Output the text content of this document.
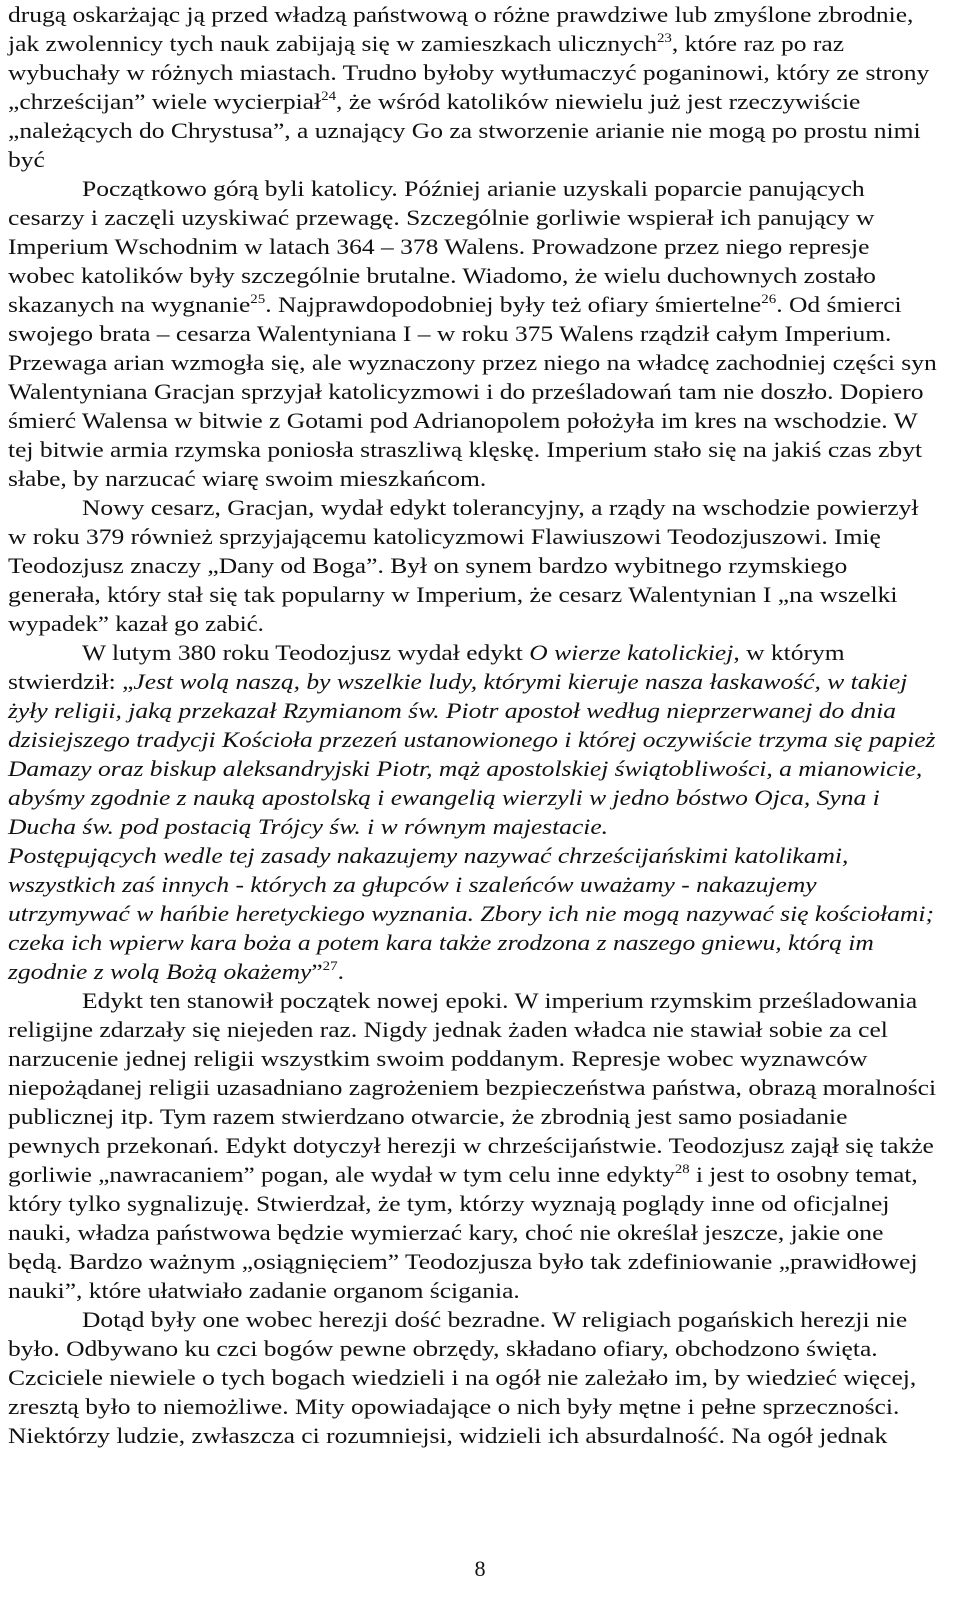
drugą oskarżając ją przed władzą państwową o różne prawdziwe lub zmyślone zbrodnie,
jak zwolennicy tych nauk zabijają się w zamieszkach ulicznych$^{23}$, które raz po raz
wybuchały w różnych miastach. Trudno byłoby wytłumaczyć poganinowi, który ze strony
„chrześcijan” wiele wycierpiał$^{24}$, że wśród katolików niewielu już jest rzeczywiście
„należących do Chrystusa”, a uznający Go za stworzenie arianie nie mogą po prostu nimi
być
Początkowo górą byli katolicy. Później arianie uzyskali poparcie panujących
cesarzy i zaczęli uzyskiwać przewagę. Szczególnie gorliwie wspierał ich panujący w
Imperium Wschodnim w latach 364 – 378 Walens. Prowadzone przez niego represje
wobec katolików były szczególnie brutalne. Wiadomo, że wielu duchownych zostało
skazanych na wygnanie$^{25}$. Najprawdopodobniej były też ofiary śmiertelne$^{26}$. Od śmierci
swojego brata – cesarza Walentyniana I – w roku 375 Walens rządził całym Imperium.
Przewaga arian wzmogła się, ale wyznaczony przez niego na władcę zachodniej części syn
Walentyniana Gracjan sprzyjał katolicyzmowi i do prześladowań tam nie doszło. Dopiero
śmierć Walensa w bitwie z Gotami pod Adrianopolem położyła im kres na wschodzie. W
tej bitwie armia rzymska poniosła straszliwą klęskę. Imperium stało się na jakiś czas zbyt
słabe, by narzucać wiarę swoim mieszkańcom.
Nowy cesarz, Gracjan, wydał edykt tolerancyjny, a rządy na wschodzie powierzył
w roku 379 również sprzyjającemu katolicyzmowi Flawiuszowi Teodozjuszowi. Imię
Teodozjusz znaczy „Dany od Boga”. Był on synem bardzo wybitnego rzymskiego
generała, który stał się tak popularny w Imperium, że cesarz Walentynian I „na wszelki
wypadek” kazał go zabić.
W lutym 380 roku Teodozjusz wydał edykt O wierze katolickiej, w którym
stwierdził: „Jest wolą naszą, by wszelkie ludy, którymi kieruje nasza łaskawość, w takiej
żyły religii, jaką przekazał Rzymianom św. Piotr apostoł według nieprzerwanej do dnia
dzisiejszego tradycji Kościoła przezeń ustanowionego i której oczywiście trzyma się papież
Damazy oraz biskup aleksandryjski Piotr, mąż apostolskiej świątobliwości, a mianowicie,
abyśmy zgodnie z nauką apostolską i ewangelią wierzyli w jedno bóstwo Ojca, Syna i
Ducha św. pod postacią Trójcy św. i w równym majestacie.
Postępujących wedle tej zasady nakazujemy nazywać chrześcijańskimi katolikami,
wszystkich zaś innych - których za głupców i szaleńców uważamy - nakazujemy
utrzymywać w hańbie heretyckiego wyznania. Zbory ich nie mogą nazywać się kościołami;
czeka ich wpierw kara boża a potem kara także zrodzona z naszego gniewu, którą im
zgodnie z wolą Bożą okażemy”$^{27}$.
Edykt ten stanowił początek nowej epoki. W imperium rzymskim prześladowania
religijne zdarzały się niejeden raz. Nigdy jednak żaden władca nie stawiał sobie za cel
narzucenie jednej religii wszystkim swoim poddanym. Represje wobec wyznawców
niepożądanej religii uzasadniano zagrożeniem bezpieczeństwa państwa, obrazą moralności
publicznej itp. Tym razem stwierdzano otwarcie, że zbrodnią jest samo posiadanie
pewnych przekonań. Edykt dotyczył herezji w chrześcijaństwie. Teodozjusz zajął się także
gorliwie „nawracaniem” pogan, ale wydał w tym celu inne edykty$^{28}$ i jest to osobny temat,
który tylko sygnalizuję. Stwierdzał, że tym, którzy wyznają poglądy inne od oficjalnej
nauki, władza państwowa będzie wymierzać kary, choć nie określał jeszcze, jakie one
będą. Bardzo ważnym „osiągnięciem” Teodozjusza było tak zdefiniowanie „prawidłowej
nauki”, które ułatwiało zadanie organom ścigania.
Dotąd były one wobec herezji dość bezradne. W religiach pogańskich herezji nie
było. Odbywano ku czci bogów pewne obrzędy, składano ofiary, obchodzono święta.
Czciciele niewiele o tych bogach wiedzieli i na ogół nie zależało im, by wiedzieć więcej,
zresztą było to niemożliwe. Mity opowiadające o nich były mętne i pełne sprzeczności.
Niektórzy ludzie, zwłaszcza ci rozumniejsi, widzieli ich absurdalność. Na ogół jednak
8
